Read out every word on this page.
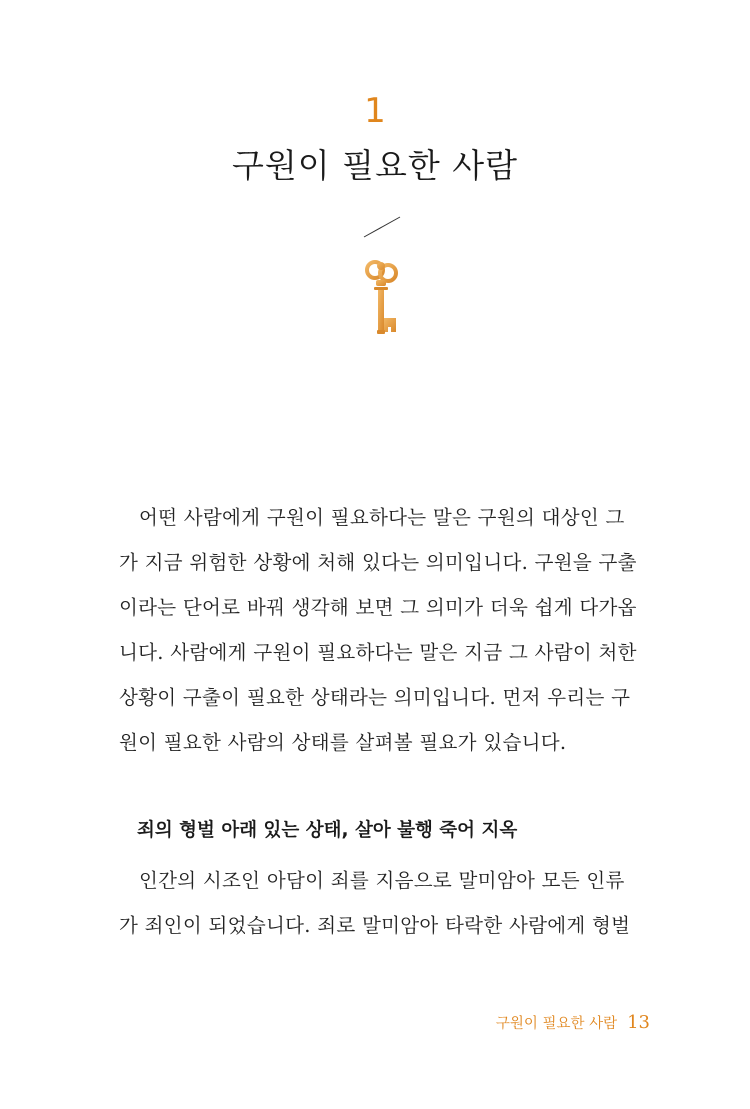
1
구원이 필요한 사람
어떤 사람에게 구원이 필요하다는 말은 구원의 대상인 그
가 지금 위험한 상황에 처해 있다는 의미입니다. 구원을 구출
이라는 단어로 바꿔 생각해 보면 그 의미가 더욱 쉽게 다가옵
니다. 사람에게 구원이 필요하다는 말은 지금 그 사람이 처한
상황이 구출이 필요한 상태라는 의미입니다. 먼저 우리는 구
원이 필요한 사람의 상태를 살펴볼 필요가 있습니다.
죄의 형벌 아래 있는 상태, 살아 불행 죽어 지옥
인간의 시조인 아담이 죄를 지음으로 말미암아 모든 인류
가 죄인이 되었습니다. 죄로 말미암아 타락한 사람에게 형벌
구원이 필요한 사람 13
